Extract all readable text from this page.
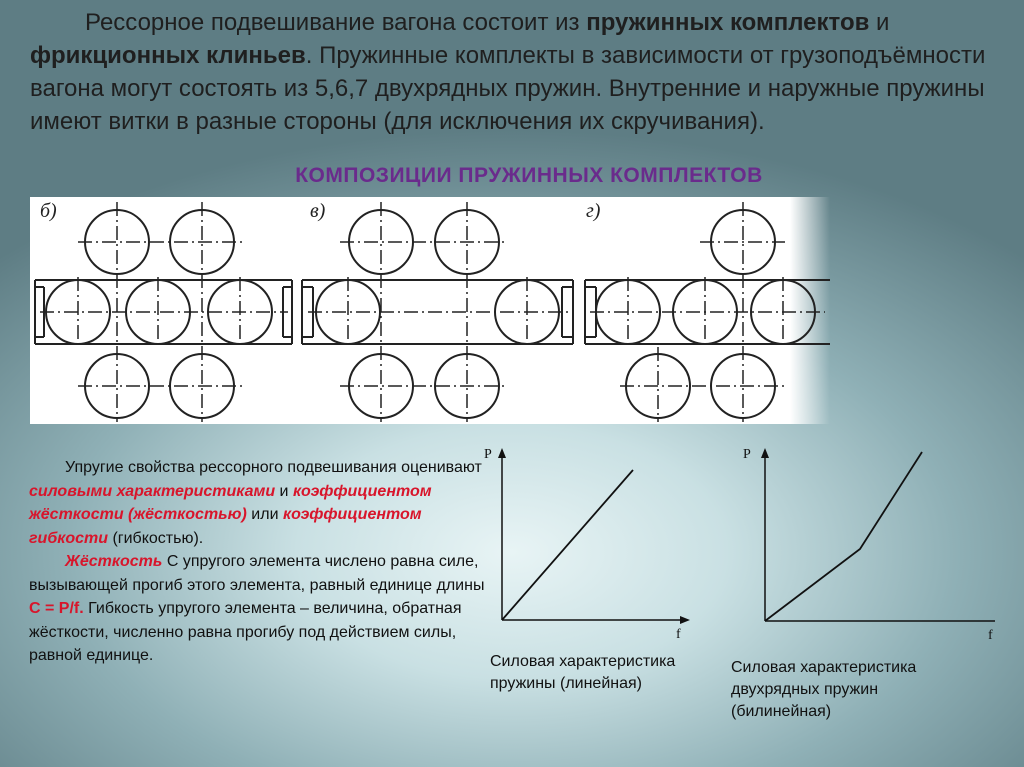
Рессорное подвешивание вагона состоит из пружинных комплектов и фрикционных клиньев. Пружинные комплекты в зависимости от грузоподъёмности вагона могут состоять из 5,6,7 двухрядных пружин. Внутренние и наружные пружины имеют витки в разные стороны (для исключения их скручивания).

КОМПОЗИЦИИ ПРУЖИННЫХ КОМПЛЕКТОВ
б)	в)	г)

Упругие свойства рессорного подвешивания оценивают силовыми характеристиками и коэффициентом жёсткости (жёсткостью) или коэффициентом гибкости (гибкостью).
Жёсткость С упругого элемента числено равна силе, вызывающей прогиб этого элемента, равный единице длины С = P/f. Гибкость упругого элемента – величина, обратная жёсткости, численно равна прогибу под действием силы, равной единице.

P
f
Силовая характеристика
пружины (линейная)
P
f
Силовая характеристика
двухрядных пружин
(билинейная)
